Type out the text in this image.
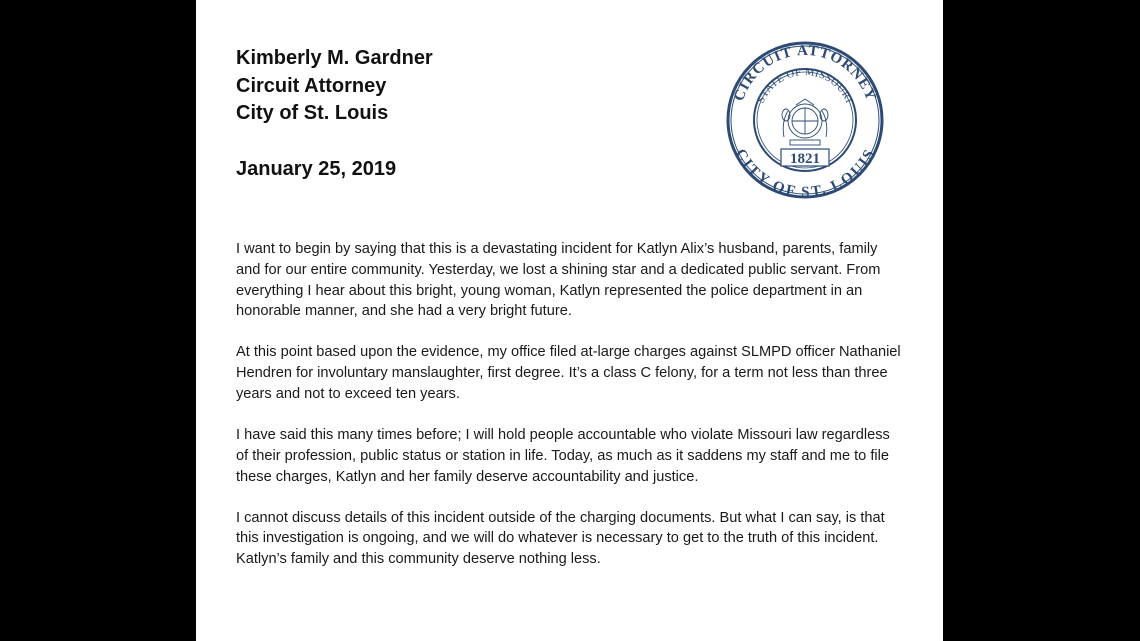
Kimberly M. Gardner
Circuit Attorney
City of St. Louis
January 25, 2019
CIRCUIT ATTORNEY
CITY OF ST. LOUIS
STATE OF MISSOURI
1821

I want to begin by saying that this is a devastating incident for Katlyn Alix’s husband, parents, family and for our entire community. Yesterday, we lost a shining star and a dedicated public servant. From everything I hear about this bright, young woman, Katlyn represented the police department in an honorable manner, and she had a very bright future.

At this point based upon the evidence, my office filed at-large charges against SLMPD officer Nathaniel Hendren for involuntary manslaughter, first degree. It’s a class C felony, for a term not less than three years and not to exceed ten years.

I have said this many times before; I will hold people accountable who violate Missouri law regardless of their profession, public status or station in life. Today, as much as it saddens my staff and me to file these charges, Katlyn and her family deserve accountability and justice.

I cannot discuss details of this incident outside of the charging documents. But what I can say, is that this investigation is ongoing, and we will do whatever is necessary to get to the truth of this incident. Katlyn’s family and this community deserve nothing less.
